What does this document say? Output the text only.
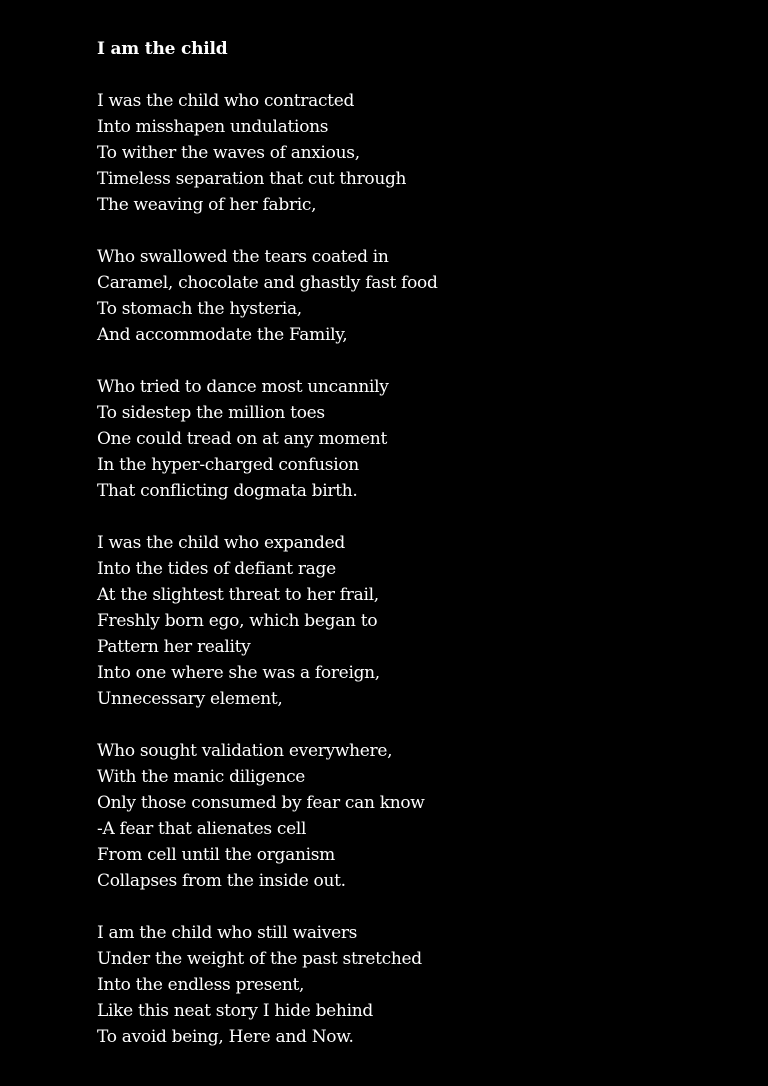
I am the child
I was the child who contracted
Into misshapen undulations
To wither the waves of anxious,
Timeless separation that cut through
The weaving of her fabric,
Who swallowed the tears coated in
Caramel, chocolate and ghastly fast food
To stomach the hysteria,
And accommodate the Family,
Who tried to dance most uncannily
To sidestep the million toes
One could tread on at any moment
In the hyper-charged confusion
That conflicting dogmata birth.
I was the child who expanded
Into the tides of defiant rage
At the slightest threat to her frail,
Freshly born ego, which began to
Pattern her reality
Into one where she was a foreign,
Unnecessary element,
Who sought validation everywhere,
With the manic diligence
Only those consumed by fear can know
-A fear that alienates cell
From cell until the organism
Collapses from the inside out.
I am the child who still waivers
Under the weight of the past stretched
Into the endless present,
Like this neat story I hide behind
To avoid being, Here and Now.
